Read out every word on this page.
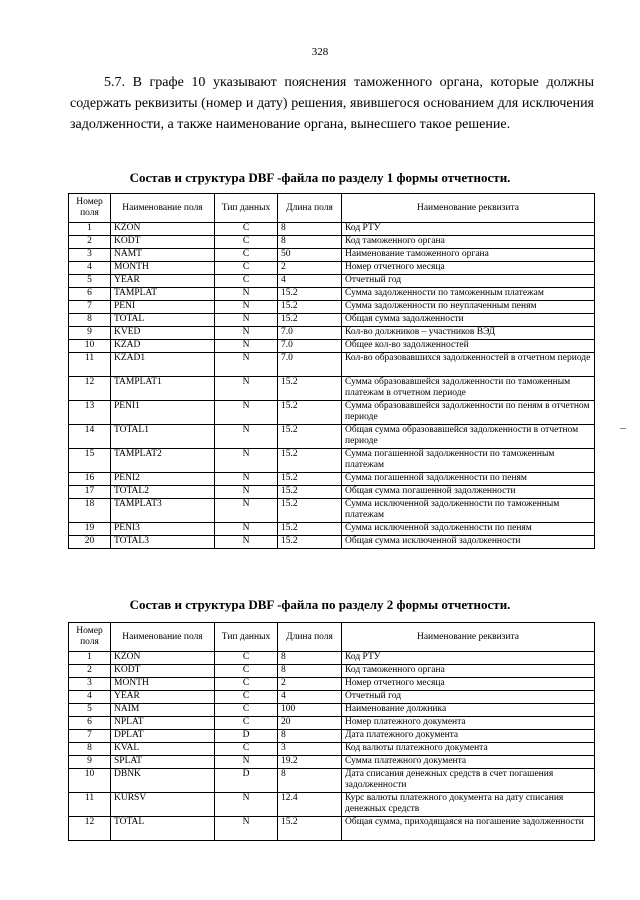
328

5.7. В графе 10 указывают пояснения таможенного органа, которые должны содержать реквизиты (номер и дату) решения, явившегося основанием для исключения задолженности, а также наименование органа, вынесшего такое решение.

Состав и структура DBF -файла по разделу 1 формы отчетности.
Номер поля	Наименование поля	Тип данных	Длина поля	Наименование реквизита
1	KZON	C	8	Код РТУ
2	KODT	C	8	Код таможенного органа
3	NAMT	C	50	Наименование таможенного органа
4	MONTH	C	2	Номер отчетного месяца
5	YEAR	C	4	Отчетный год
6	TAMPLAT	N	15.2	Сумма задолженности по таможенным платежам
7	PENI	N	15.2	Сумма задолженности по неуплаченным пеням
8	TOTAL	N	15.2	Общая сумма задолженности
9	KVED	N	7.0	Кол-во должников – участников ВЭД
10	KZAD	N	7.0	Общее кол-во задолженностей
11	KZAD1	N	7.0	Кол-во образовавшихся задолженностей в отчетном периоде
12	TAMPLAT1	N	15.2	Сумма образовавшейся задолженности по таможенным платежам в отчетном периоде
13	PENI1	N	15.2	Сумма образовавшейся задолженности по пеням в отчетном периоде
14	TOTAL1	N	15.2	Общая сумма образовавшейся задолженности в отчетном периоде
15	TAMPLAT2	N	15.2	Сумма погашенной задолженности по таможенным платежам
16	PENI2	N	15.2	Сумма погашенной задолженности по пеням
17	TOTAL2	N	15.2	Общая сумма погашенной задолженности
18	TAMPLAT3	N	15.2	Сумма исключенной задолженности по таможенным платежам
19	PENI3	N	15.2	Сумма исключенной задолженности по пеням
20	TOTAL3	N	15.2	Общая сумма исключенной задолженности
Состав и структура DBF -файла по разделу 2 формы отчетности.
Номер поля	Наименование поля	Тип данных	Длина поля	Наименование реквизита
1	KZON	C	8	Код РТУ
2	KODT	C	8	Код таможенного органа
3	MONTH	C	2	Номер отчетного месяца
4	YEAR	C	4	Отчетный год
5	NAIM	C	100	Наименование должника
6	NPLAT	C	20	Номер платежного документа
7	DPLAT	D	8	Дата платежного документа
8	KVAL	C	3	Код валюты платежного документа
9	SPLAT	N	19.2	Сумма платежного документа
10	DBNK	D	8	Дата списания денежных средств в счет погашения задолженности
11	KURSV	N	12.4	Курс валюты платежного документа на дату списания денежных средств
12	TOTAL	N	15.2	Общая сумма, приходящаяся на погашение задолженности
